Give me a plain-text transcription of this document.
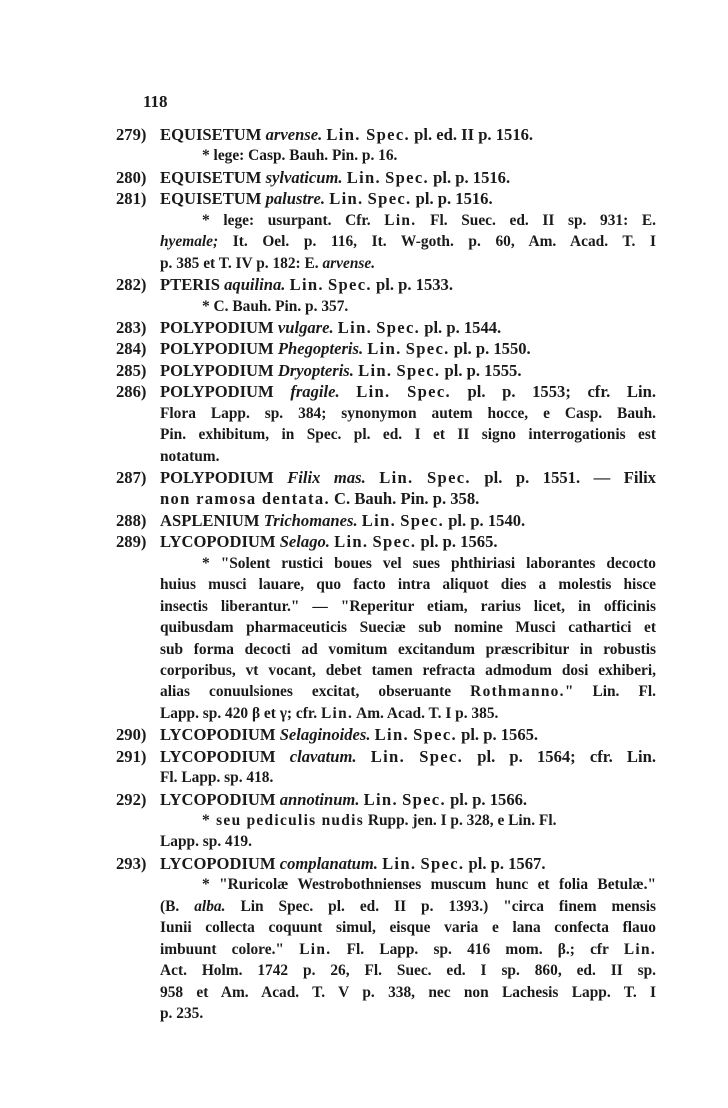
118
279) EQUISETUM arvense. Lin. Spec. pl. ed. II p. 1516.
* lege: Casp. Bauh. Pin. p. 16.
280) EQUISETUM sylvaticum. Lin. Spec. pl. p. 1516.
281) EQUISETUM palustre. Lin. Spec. pl. p. 1516.
* lege: usurpant. Cfr. Lin. Fl. Suec. ed. II sp. 931: E.
hyemale; It. Oel. p. 116, It. W-goth. p. 60, Am. Acad. T. I
p. 385 et T. IV p. 182: E. arvense.
282) PTERIS aquilina. Lin. Spec. pl. p. 1533.
* C. Bauh. Pin. p. 357.
283) POLYPODIUM vulgare. Lin. Spec. pl. p. 1544.
284) POLYPODIUM Phegopteris. Lin. Spec. pl. p. 1550.
285) POLYPODIUM Dryopteris. Lin. Spec. pl. p. 1555.
286) POLYPODIUM fragile. Lin. Spec. pl. p. 1553; cfr. Lin.
Flora Lapp. sp. 384; synonymon autem hocce, e Casp. Bauh.
Pin. exhibitum, in Spec. pl. ed. I et II signo interrogationis est
notatum.
287) POLYPODIUM Filix mas. Lin. Spec. pl. p. 1551. — Filix
non ramosa dentata. C. Bauh. Pin. p. 358.
288) ASPLENIUM Trichomanes. Lin. Spec. pl. p. 1540.
289) LYCOPODIUM Selago. Lin. Spec. pl. p. 1565.
* "Solent rustici boues vel sues phthiriasi laborantes decocto
huius musci lauare, quo facto intra aliquot dies a molestis hisce
insectis liberantur." — "Reperitur etiam, rarius licet, in officinis
quibusdam pharmaceuticis Sueciæ sub nomine Musci cathartici et
sub forma decocti ad vomitum excitandum præscribitur in robustis
corporibus, vt vocant, debet tamen refracta admodum dosi exhiberi,
alias conuulsiones excitat, obseruante Rothmanno." Lin. Fl.
Lapp. sp. 420 β et γ; cfr. Lin. Am. Acad. T. I p. 385.
290) LYCOPODIUM Selaginoides. Lin. Spec. pl. p. 1565.
291) LYCOPODIUM clavatum. Lin. Spec. pl. p. 1564; cfr. Lin.
Fl. Lapp. sp. 418.
292) LYCOPODIUM annotinum. Lin. Spec. pl. p. 1566.
* seu pediculis nudis Rupp. jen. I p. 328, e Lin. Fl.
Lapp. sp. 419.
293) LYCOPODIUM complanatum. Lin. Spec. pl. p. 1567.
* "Ruricolæ Westrobothnienses muscum hunc et folia Betulæ."
(B. alba. Lin Spec. pl. ed. II p. 1393.) "circa finem mensis
Iunii collecta coquunt simul, eisque varia e lana confecta flauo
imbuunt colore." Lin. Fl. Lapp. sp. 416 mom. β.; cfr Lin.
Act. Holm. 1742 p. 26, Fl. Suec. ed. I sp. 860, ed. II sp.
958 et Am. Acad. T. V p. 338, nec non Lachesis Lapp. T. I
p. 235.
